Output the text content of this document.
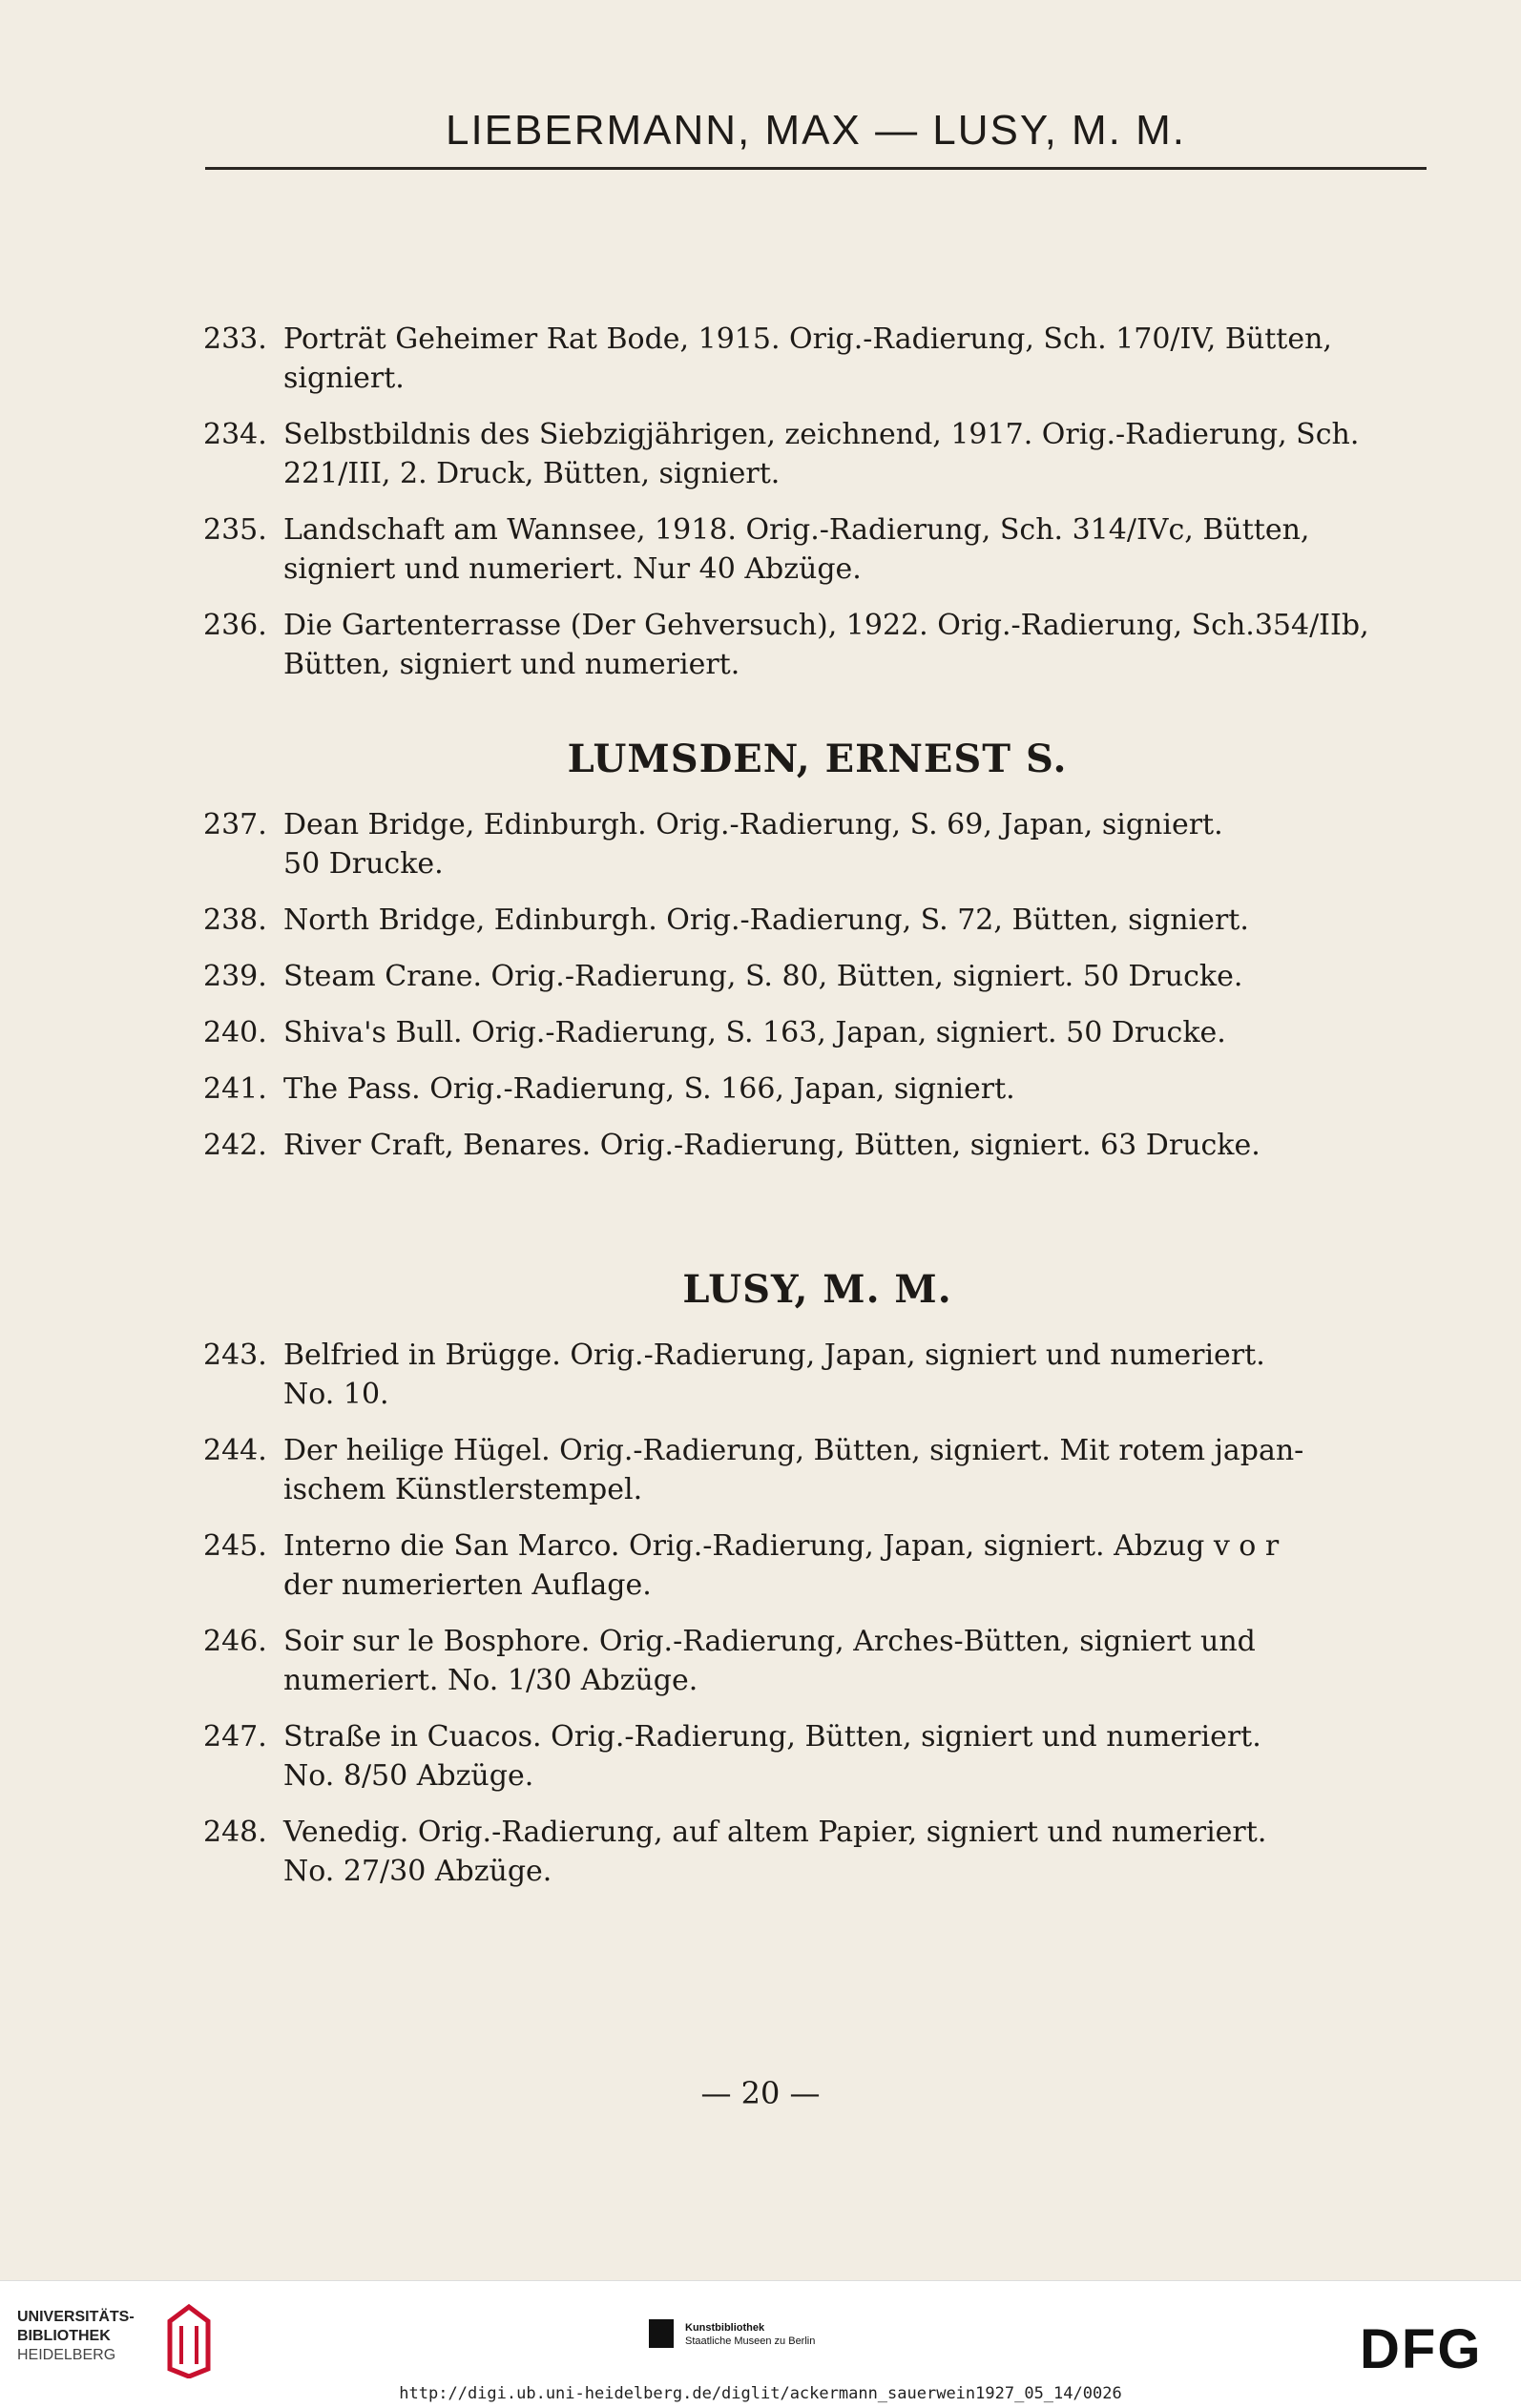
LIEBERMANN, MAX — LUSY, M. M.
233. Porträt Geheimer Rat Bode, 1915. Orig.-Radierung, Sch. 170/IV, Bütten,
signiert.
234. Selbstbildnis des Siebzigjährigen, zeichnend, 1917. Orig.-Radierung, Sch.
221/III, 2. Druck, Bütten, signiert.
235. Landschaft am Wannsee, 1918. Orig.-Radierung, Sch. 314/IVc, Bütten,
signiert und numeriert. Nur 40 Abzüge.
236. Die Gartenterrasse (Der Gehversuch), 1922. Orig.-Radierung, Sch.354/IIb,
Bütten, signiert und numeriert.
LUMSDEN, ERNEST S.
237. Dean Bridge, Edinburgh. Orig.-Radierung, S. 69, Japan, signiert.
50 Drucke.
238. North Bridge, Edinburgh. Orig.-Radierung, S. 72, Bütten, signiert.
239. Steam Crane. Orig.-Radierung, S. 80, Bütten, signiert. 50 Drucke.
240. Shiva's Bull. Orig.-Radierung, S. 163, Japan, signiert. 50 Drucke.
241. The Pass. Orig.-Radierung, S. 166, Japan, signiert.
242. River Craft, Benares. Orig.-Radierung, Bütten, signiert. 63 Drucke.
LUSY, M. M.
243. Belfried in Brügge. Orig.-Radierung, Japan, signiert und numeriert.
No. 10.
244. Der heilige Hügel. Orig.-Radierung, Bütten, signiert. Mit rotem japan-
ischem Künstlerstempel.
245. Interno die San Marco. Orig.-Radierung, Japan, signiert. Abzug v o r
der numerierten Auflage.
246. Soir sur le Bosphore. Orig.-Radierung, Arches-Bütten, signiert und
numeriert. No. 1/30 Abzüge.
247. Straße in Cuacos. Orig.-Radierung, Bütten, signiert und numeriert.
No. 8/50 Abzüge.
248. Venedig. Orig.-Radierung, auf altem Papier, signiert und numeriert.
No. 27/30 Abzüge.
— 20 —
UNIVERSITÄTS-
BIBLIOTHEK
HEIDELBERG
Kunstbibliothek
Staatliche Museen zu Berlin	DFG
http://digi.ub.uni-heidelberg.de/diglit/ackermann_sauerwein1927_05_14/0026
